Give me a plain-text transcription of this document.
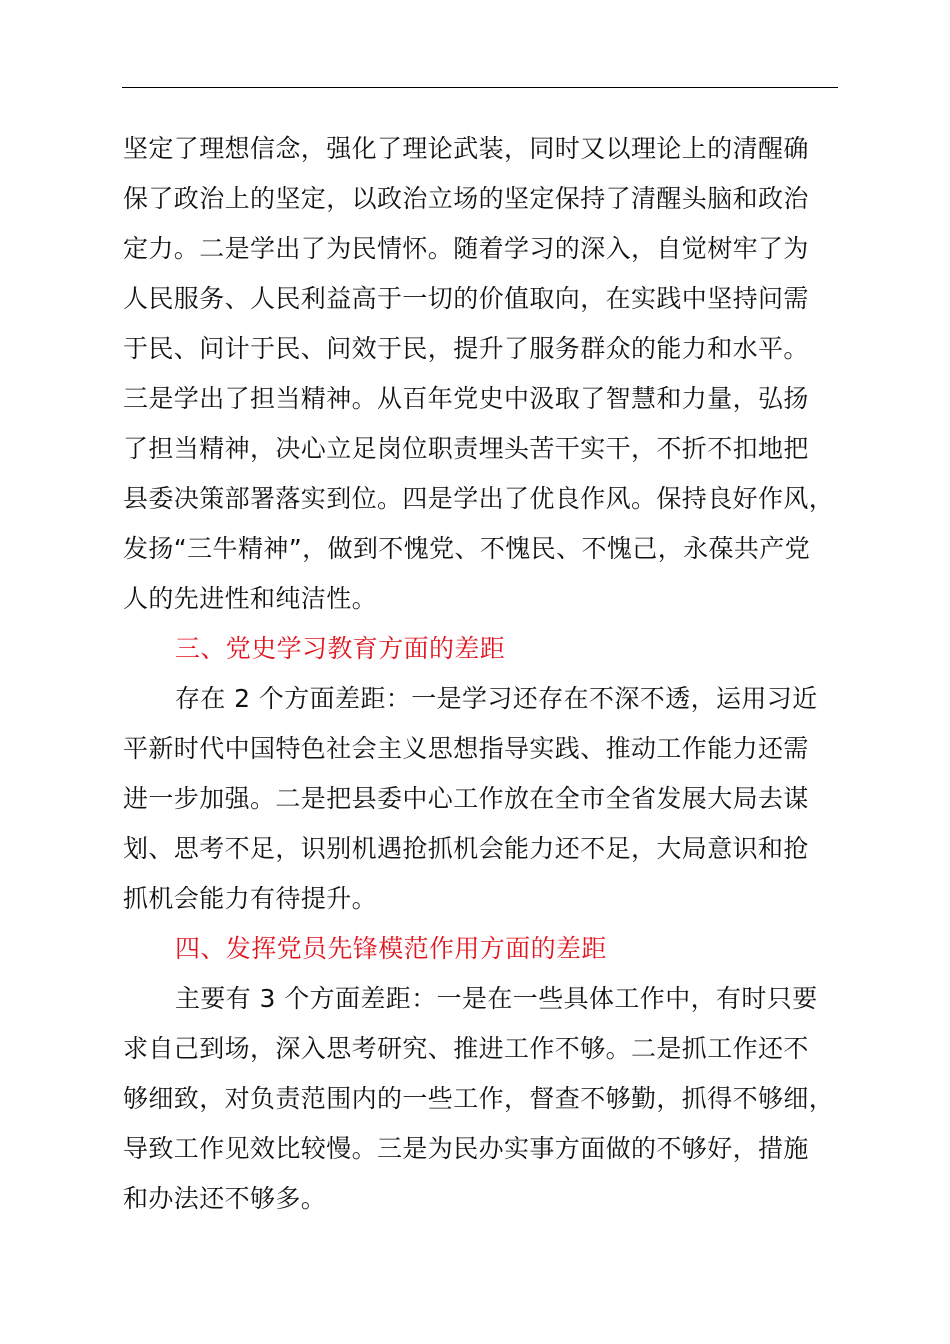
坚定了理想信念，强化了理论武装，同时又以理论上的清醒确
保了政治上的坚定，以政治立场的坚定保持了清醒头脑和政治
定力。二是学出了为民情怀。随着学习的深入，自觉树牢了为
人民服务、人民利益高于一切的价值取向，在实践中坚持问需
于民、问计于民、问效于民，提升了服务群众的能力和水平。
三是学出了担当精神。从百年党史中汲取了智慧和力量，弘扬
了担当精神，决心立足岗位职责埋头苦干实干，不折不扣地把
县委决策部署落实到位。四是学出了优良作风。保持良好作风，
发扬“三牛精神”，做到不愧党、不愧民、不愧己，永葆共产党
人的先进性和纯洁性。
三、党史学习教育方面的差距
存在 2 个方面差距：一是学习还存在不深不透，运用习近
平新时代中国特色社会主义思想指导实践、推动工作能力还需
进一步加强。二是把县委中心工作放在全市全省发展大局去谋
划、思考不足，识别机遇抢抓机会能力还不足，大局意识和抢
抓机会能力有待提升。
四、发挥党员先锋模范作用方面的差距
主要有 3 个方面差距：一是在一些具体工作中，有时只要
求自己到场，深入思考研究、推进工作不够。二是抓工作还不
够细致，对负责范围内的一些工作，督查不够勤，抓得不够细，
导致工作见效比较慢。三是为民办实事方面做的不够好，措施
和办法还不够多。
